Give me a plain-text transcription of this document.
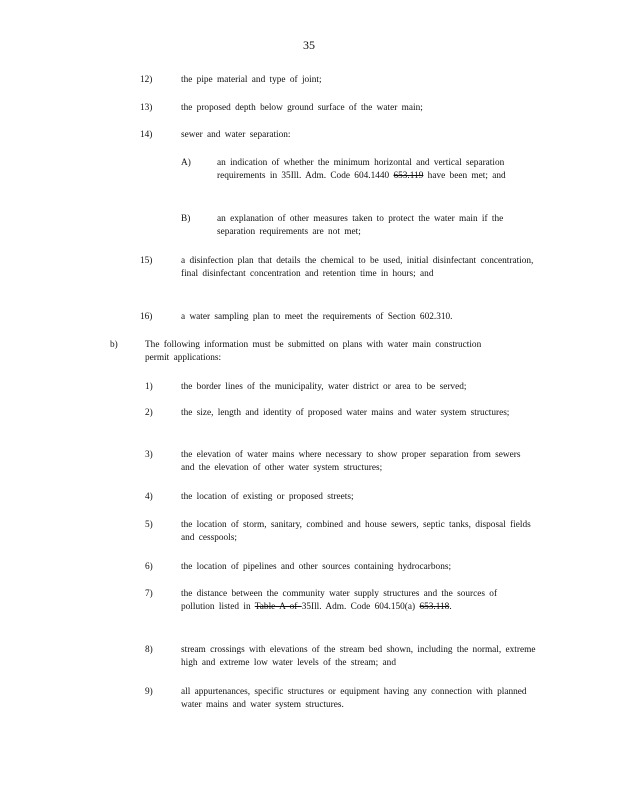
35
12)	the pipe material and type of joint;
13)	the proposed depth below ground surface of the water main;
14)	sewer and water separation:
A)	an indication of whether the minimum horizontal and vertical separation requirements in 35Ill. Adm. Code 604.1440 653.119 have been met; and
B)	an explanation of other measures taken to protect the water main if the separation requirements are not met;
15)	a disinfection plan that details the chemical to be used, initial disinfectant concentration, final disinfectant concentration and retention time in hours; and
16)	a water sampling plan to meet the requirements of Section 602.310.
b)	The following information must be submitted on plans with water main construction permit applications:
1)	the border lines of the municipality, water district or area to be served;
2)	the size, length and identity of proposed water mains and water system structures;
3)	the elevation of water mains where necessary to show proper separation from sewers and the elevation of other water system structures;
4)	the location of existing or proposed streets;
5)	the location of storm, sanitary, combined and house sewers, septic tanks, disposal fields and cesspools;
6)	the location of pipelines and other sources containing hydrocarbons;
7)	the distance between the community water supply structures and the sources of pollution listed in Table A of 35Ill. Adm. Code 604.150(a) 653.118.
8)	stream crossings with elevations of the stream bed shown, including the normal, extreme high and extreme low water levels of the stream; and
9)	all appurtenances, specific structures or equipment having any connection with planned water mains and water system structures.
